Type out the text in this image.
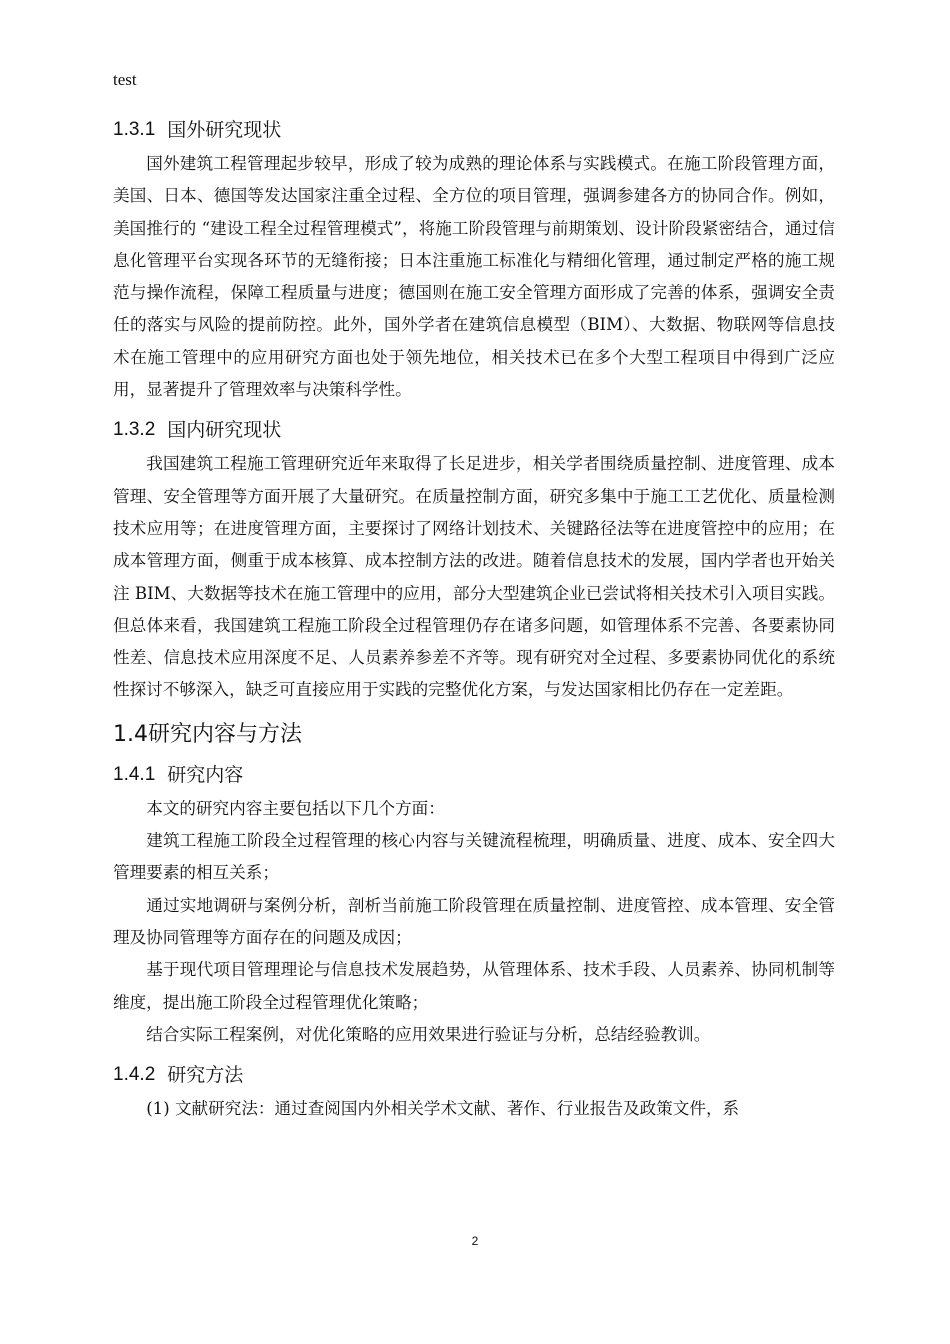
test
1.3.1 国外研究现状

国外建筑工程管理起步较早，形成了较为成熟的理论体系与实践模式。在施工阶段管理方面，美国、日本、德国等发达国家注重全过程、全方位的项目管理，强调参建各方的协同合作。例如，美国推行的 “建设工程全过程管理模式”，将施工阶段管理与前期策划、设计阶段紧密结合，通过信息化管理平台实现各环节的无缝衔接；日本注重施工标准化与精细化管理，通过制定严格的施工规范与操作流程，保障工程质量与进度；德国则在施工安全管理方面形成了完善的体系，强调安全责任的落实与风险的提前防控。此外，国外学者在建筑信息模型（BIM）、大数据、物联网等信息技术在施工管理中的应用研究方面也处于领先地位，相关技术已在多个大型工程项目中得到广泛应用，显著提升了管理效率与决策科学性。

1.3.2 国内研究现状

我国建筑工程施工管理研究近年来取得了长足进步，相关学者围绕质量控制、进度管理、成本管理、安全管理等方面开展了大量研究。在质量控制方面，研究多集中于施工工艺优化、质量检测技术应用等；在进度管理方面，主要探讨了网络计划技术、关键路径法等在进度管控中的应用；在成本管理方面，侧重于成本核算、成本控制方法的改进。随着信息技术的发展，国内学者也开始关注 BIM、大数据等技术在施工管理中的应用，部分大型建筑企业已尝试将相关技术引入项目实践。但总体来看，我国建筑工程施工阶段全过程管理仍存在诸多问题，如管理体系不完善、各要素协同性差、信息技术应用深度不足、人员素养参差不齐等。现有研究对全过程、多要素协同优化的系统性探讨不够深入，缺乏可直接应用于实践的完整优化方案，与发达国家相比仍存在一定差距。

1.4研究内容与方法
1.4.1 研究内容

本文的研究内容主要包括以下几个方面：

建筑工程施工阶段全过程管理的核心内容与关键流程梳理，明确质量、进度、成本、安全四大管理要素的相互关系；

通过实地调研与案例分析，剖析当前施工阶段管理在质量控制、进度管控、成本管理、安全管理及协同管理等方面存在的问题及成因；

基于现代项目管理理论与信息技术发展趋势，从管理体系、技术手段、人员素养、协同机制等维度，提出施工阶段全过程管理优化策略；

结合实际工程案例，对优化策略的应用效果进行验证与分析，总结经验教训。

1.4.2 研究方法

(1) 文献研究法：通过查阅国内外相关学术文献、著作、行业报告及政策文件，系

2
